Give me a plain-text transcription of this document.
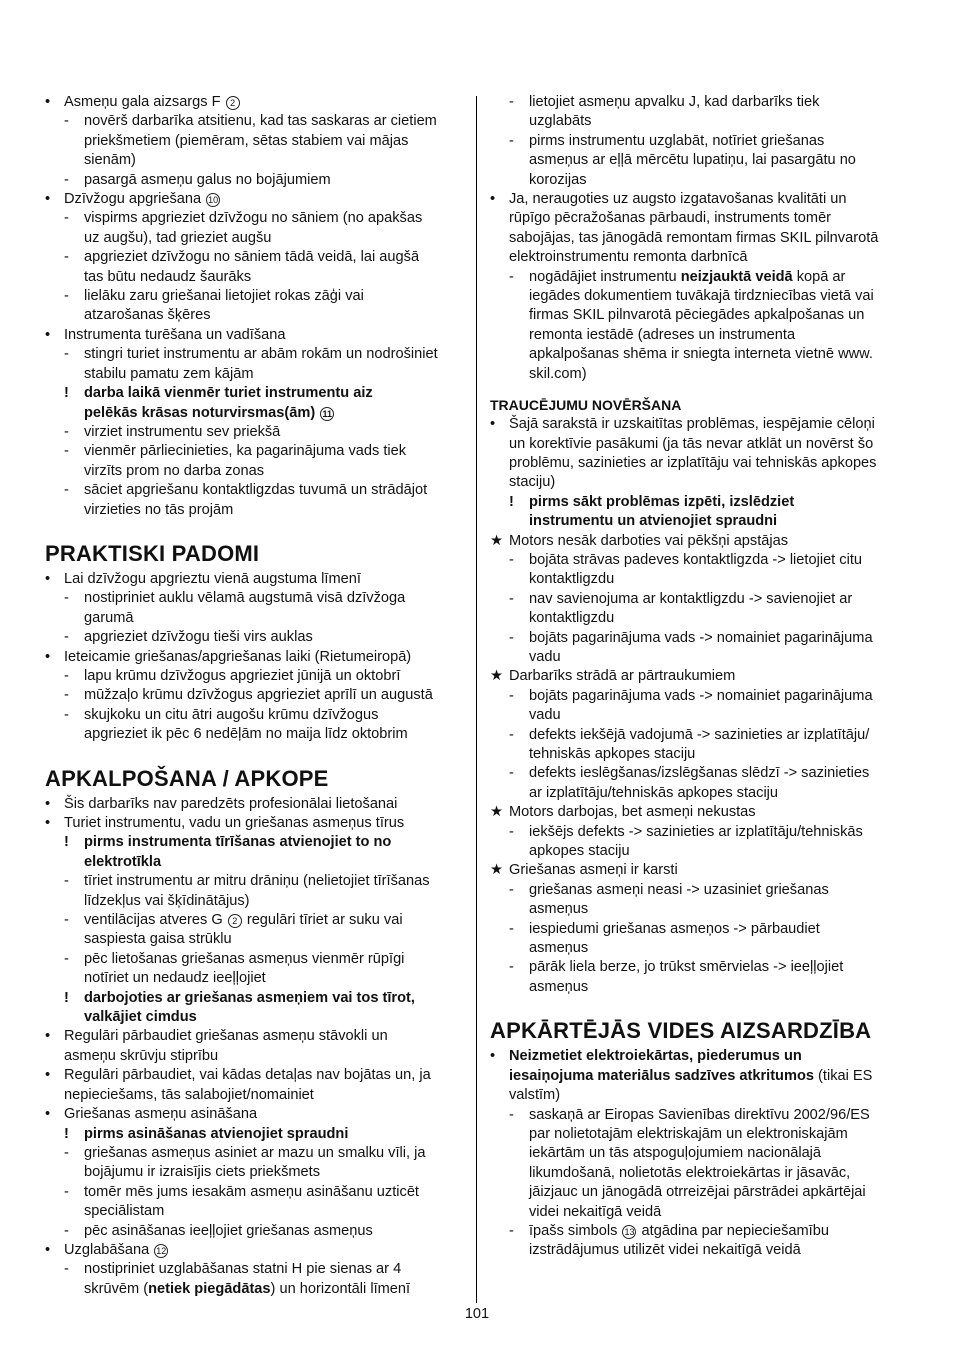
• Asmeņu gala aizsargs F 2
- novērš darbarīka atsitienu, kad tas saskaras ar cietiem
priekšmetiem (piemēram, sētas stabiem vai mājas
sienām)
- pasargā asmeņu galus no bojājumiem
• Dzīvžogu apgriešana 10
- vispirms apgrieziet dzīvžogu no sāniem (no apakšas
uz augšu), tad grieziet augšu
- apgrieziet dzīvžogu no sāniem tādā veidā, lai augšā
tas būtu nedaudz šaurāks
- lielāku zaru griešanai lietojiet rokas zāģi vai
atzarošanas šķēres
• Instrumenta turēšana un vadīšana
- stingri turiet instrumentu ar abām rokām un nodrošiniet
stabilu pamatu zem kājām
! darba laikā vienmēr turiet instrumentu aiz
pelēkās krāsas noturvirsmas(ām) 11
- virziet instrumentu sev priekšā
- vienmēr pārliecinieties, ka pagarinājuma vads tiek
virzīts prom no darba zonas
- sāciet apgriešanu kontaktligzdas tuvumā un strādājot
virzieties no tās projām
PRAKTISKI PADOMI
• Lai dzīvžogu apgrieztu vienā augstuma līmenī
- nostipriniet auklu vēlamā augstumā visā dzīvžoga
garumā
- apgrieziet dzīvžogu tieši virs auklas
• Ieteicamie griešanas/apgriešanas laiki (Rietumeiropā)
- lapu krūmu dzīvžogus apgrieziet jūnijā un oktobrī
- mūžzaļo krūmu dzīvžogus apgrieziet aprīlī un augustā
- skujkoku un citu ātri augošu krūmu dzīvžogus
apgrieziet ik pēc 6 nedēļām no maija līdz oktobrim
APKALPOŠANA / APKOPE
• Šis darbarīks nav paredzēts profesionālai lietošanai
• Turiet instrumentu, vadu un griešanas asmeņus tīrus
! pirms instrumenta tīrīšanas atvienojiet to no
elektrotīkla
- tīriet instrumentu ar mitru drāniņu (nelietojiet tīrīšanas
līdzekļus vai šķīdinātājus)
- ventilācijas atveres G 2 regulāri tīriet ar suku vai
saspiesta gaisa strūklu
- pēc lietošanas griešanas asmeņus vienmēr rūpīgi
notīriet un nedaudz ieeļļojiet
! darbojoties ar griešanas asmeņiem vai tos tīrot,
valkājiet cimdus
• Regulāri pārbaudiet griešanas asmeņu stāvokli un
asmeņu skrūvju stiprību
• Regulāri pārbaudiet, vai kādas detaļas nav bojātas un, ja
nepieciešams, tās salabojiet/nomainiet
• Griešanas asmeņu asināšana
! pirms asināšanas atvienojiet spraudni
- griešanas asmeņus asiniet ar mazu un smalku vīli, ja
bojājumu ir izraisījis ciets priekšmets
- tomēr mēs jums iesakām asmeņu asināšanu uzticēt
speciālistam
- pēc asināšanas ieeļļojiet griešanas asmeņus
• Uzglabāšana 12
- nostipriniet uzglabāšanas statni H pie sienas ar 4
skrūvēm (netiek piegādātas) un horizontāli līmenī
- lietojiet asmeņu apvalku J, kad darbarīks tiek
uzglabāts
- pirms instrumentu uzglabāt, notīriet griešanas
asmeņus ar eļļā mērcētu lupatiņu, lai pasargātu no
korozijas
• Ja, neraugoties uz augsto izgatavošanas kvalitāti un
rūpīgo pēcražošanas pārbaudi, instruments tomēr
sabojājas, tas jānogādā remontam firmas SKIL pilnvarotā
elektroinstrumentu remonta darbnīcā
- nogādājiet instrumentu neizjauktā veidā kopā ar
iegādes dokumentiem tuvākajā tirdzniecības vietā vai
firmas SKIL pilnvarotā pēciegādes apkalpošanas un
remonta iestādē (adreses un instrumenta
apkalpošanas shēma ir sniegta interneta vietnē www.
skil.com)
TRAUCĒJUMU NOVĒRŠANA
• Šajā sarakstā ir uzskaitītas problēmas, iespējamie cēloņi
un korektīvie pasākumi (ja tās nevar atklāt un novērst šo
problēmu, sazinieties ar izplatītāju vai tehniskās apkopes
staciju)
! pirms sākt problēmas izpēti, izslēdziet
instrumentu un atvienojiet spraudni
★ Motors nesāk darboties vai pēkšņi apstājas
- bojāta strāvas padeves kontaktligzda -> lietojiet citu
kontaktligzdu
- nav savienojuma ar kontaktligzdu -> savienojiet ar
kontaktligzdu
- bojāts pagarinājuma vads -> nomainiet pagarinājuma
vadu
★ Darbarīks strādā ar pārtraukumiem
- bojāts pagarinājuma vads -> nomainiet pagarinājuma
vadu
- defekts iekšējā vadojumā -> sazinieties ar izplatītāju/
tehniskās apkopes staciju
- defekts ieslēgšanas/izslēgšanas slēdzī -> sazinieties
ar izplatītāju/tehniskās apkopes staciju
★ Motors darbojas, bet asmeņi nekustas
- iekšējs defekts -> sazinieties ar izplatītāju/tehniskās
apkopes staciju
★ Griešanas asmeņi ir karsti
- griešanas asmeņi neasi -> uzasiniet griešanas
asmeņus
- iespiedumi griešanas asmeņos -> pārbaudiet
asmeņus
- pārāk liela berze, jo trūkst smērvielas -> ieeļļojiet
asmeņus
APKĀRTĒJĀS VIDES AIZSARDZĪBA
• Neizmetiet elektroiekārtas, piederumus un
iesaiņojuma materiālus sadzīves atkritumos (tikai ES
valstīm)
- saskaņā ar Eiropas Savienības direktīvu 2002/96/ES
par nolietotajām elektriskajām un elektroniskajām
iekārtām un tās atspoguļojumiem nacionālajā
likumdošanā, nolietotās elektroiekārtas ir jāsavāc,
jāizjauc un jānogādā otrreizējai pārstrādei apkārtējai
videi nekaitīgā veidā
- īpašs simbols 13 atgādina par nepieciešamību
izstrādājumus utilizēt videi nekaitīgā veidā
101
